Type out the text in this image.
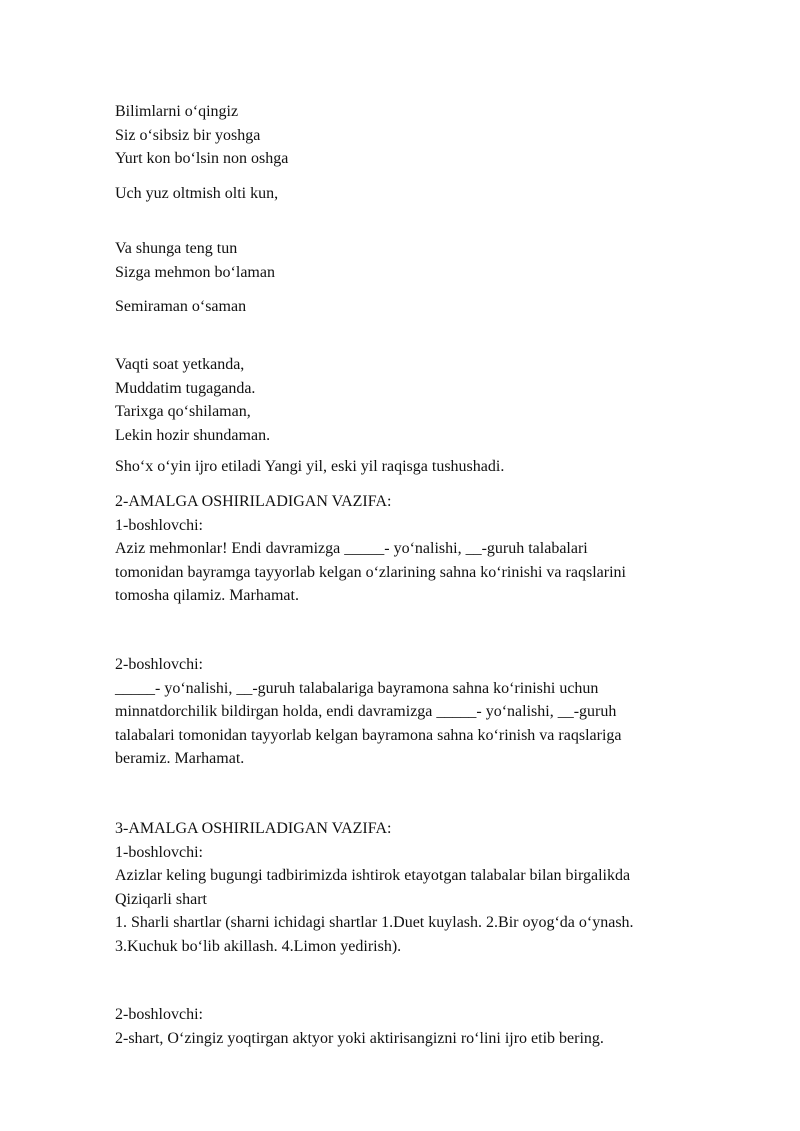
Bilimlarni o‘qingiz
Siz o‘sibsiz bir yoshga
Yurt kon bo‘lsin non oshga
Uch yuz oltmish olti kun,
Va shunga teng tun
Sizga mehmon bo‘laman
Semiraman o‘saman
Vaqti soat yetkanda,
Muddatim tugaganda.
Tarixga qo‘shilaman,
Lekin hozir shundaman.
Sho‘x o‘yin ijro etiladi Yangi yil, eski yil raqisga tushushadi.
2-AMALGA OSHIRILADIGAN VAZIFA:
1-boshlovchi:
Aziz mehmonlar! Endi davramizga _____- yo‘nalishi, __-guruh talabalari
tomonidan bayramga tayyorlab kelgan o‘zlarining sahna ko‘rinishi va raqslarini
tomosha qilamiz. Marhamat.
2-boshlovchi:
_____- yo‘nalishi, __-guruh talabalariga bayramona sahna ko‘rinishi uchun
minnatdorchilik bildirgan holda, endi davramizga _____- yo‘nalishi, __-guruh
talabalari tomonidan tayyorlab kelgan bayramona sahna ko‘rinish va raqslariga
beramiz. Marhamat.
3-AMALGA OSHIRILADIGAN VAZIFA:
1-boshlovchi:
Azizlar keling bugungi tadbirimizda ishtirok etayotgan talabalar bilan birgalikda
Qiziqarli shart
1. Sharli shartlar (sharni ichidagi shartlar 1.Duet kuylash. 2.Bir oyog‘da o‘ynash.
3.Kuchuk bo‘lib akillash. 4.Limon yedirish).
2-boshlovchi:
2-shart, O‘zingiz yoqtirgan aktyor yoki aktirisangizni ro‘lini ijro etib bering.
